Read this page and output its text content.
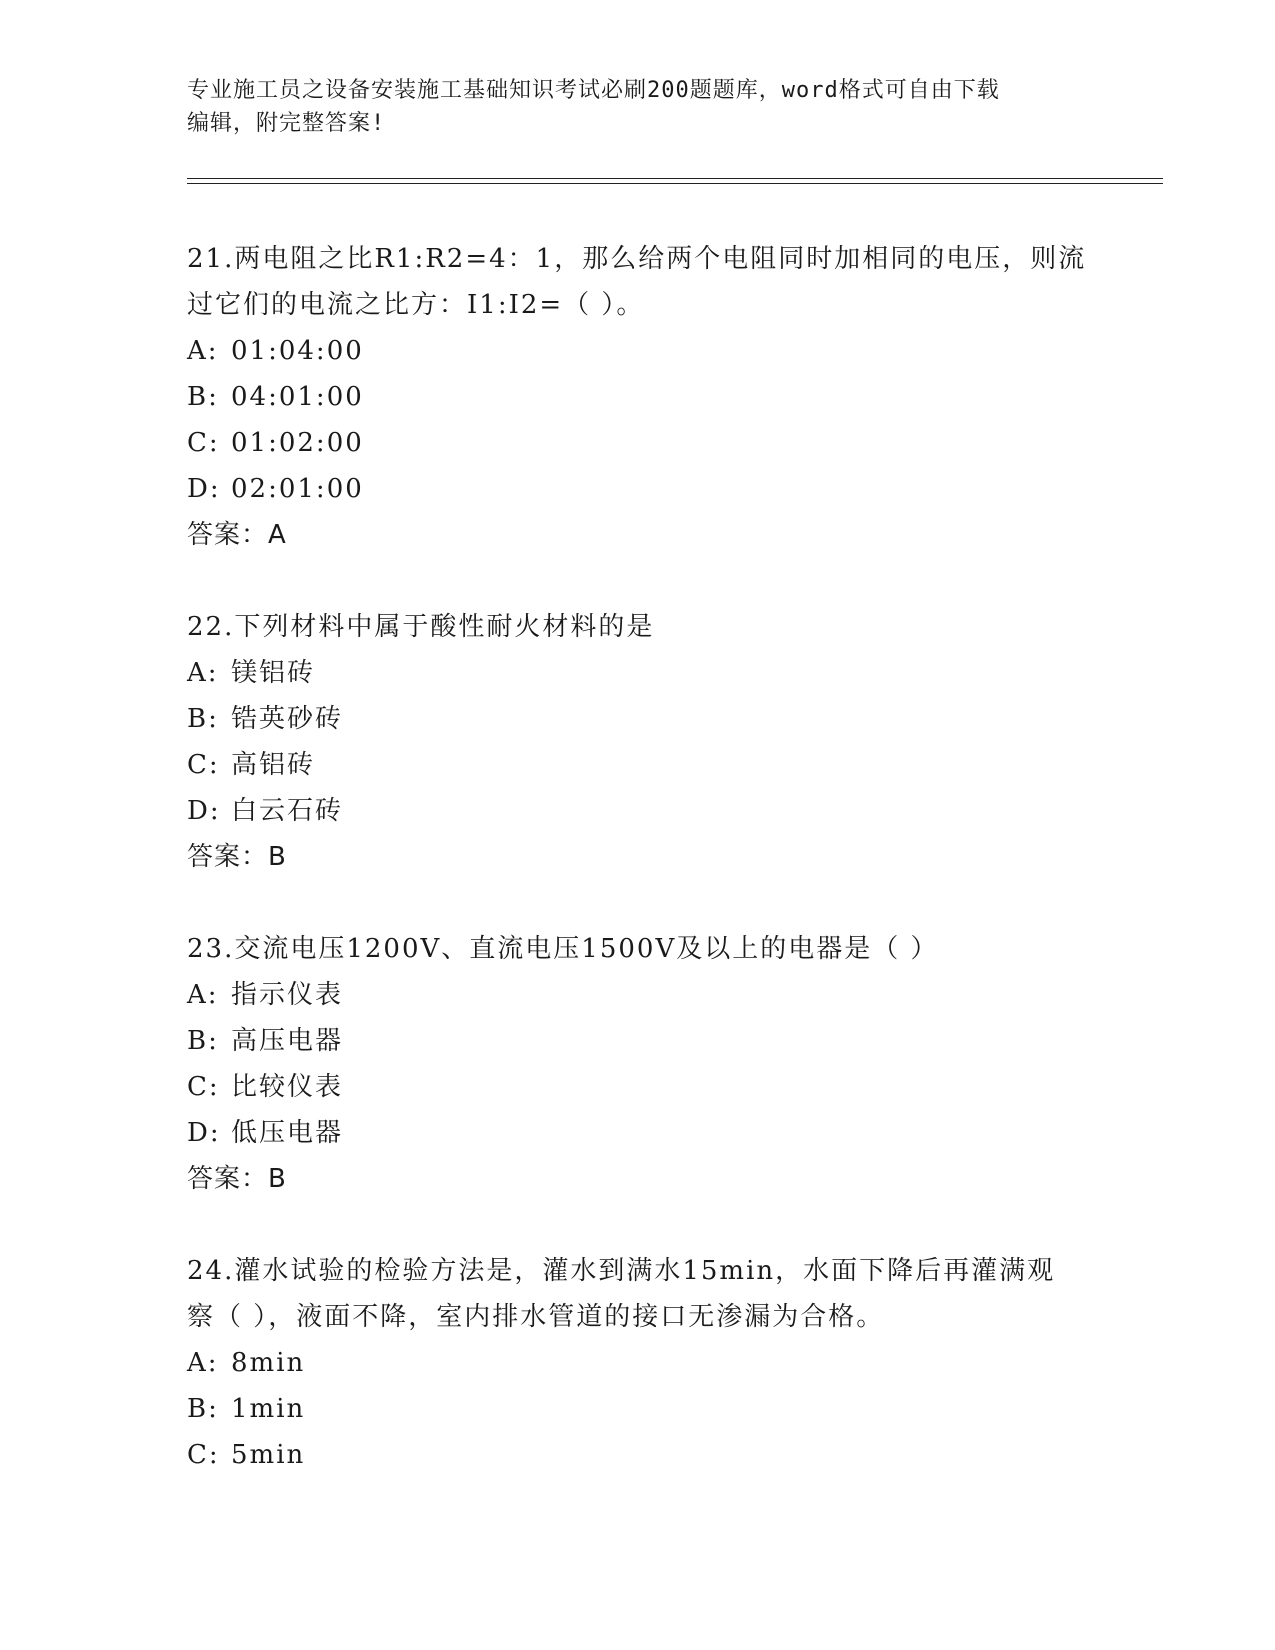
专业施工员之设备安装施工基础知识考试必刷200题题库，word格式可自由下载
编辑，附完整答案!
21.两电阻之比R1:R2=4：1，那么给两个电阻同时加相同的电压，则流
过它们的电流之比方：I1:I2=（ ）。
A: 01:04:00
B: 04:01:00
C: 01:02:00
D: 02:01:00
答案：A
22.下列材料中属于酸性耐火材料的是
A: 镁铝砖
B: 锆英砂砖
C: 高铝砖
D: 白云石砖
答案：B
23.交流电压1200V、直流电压1500V及以上的电器是（ ）
A: 指示仪表
B: 高压电器
C: 比较仪表
D: 低压电器
答案：B
24.灌水试验的检验方法是，灌水到满水15min，水面下降后再灌满观
察（ ），液面不降，室内排水管道的接口无渗漏为合格。
A: 8min
B: 1min
C: 5min
